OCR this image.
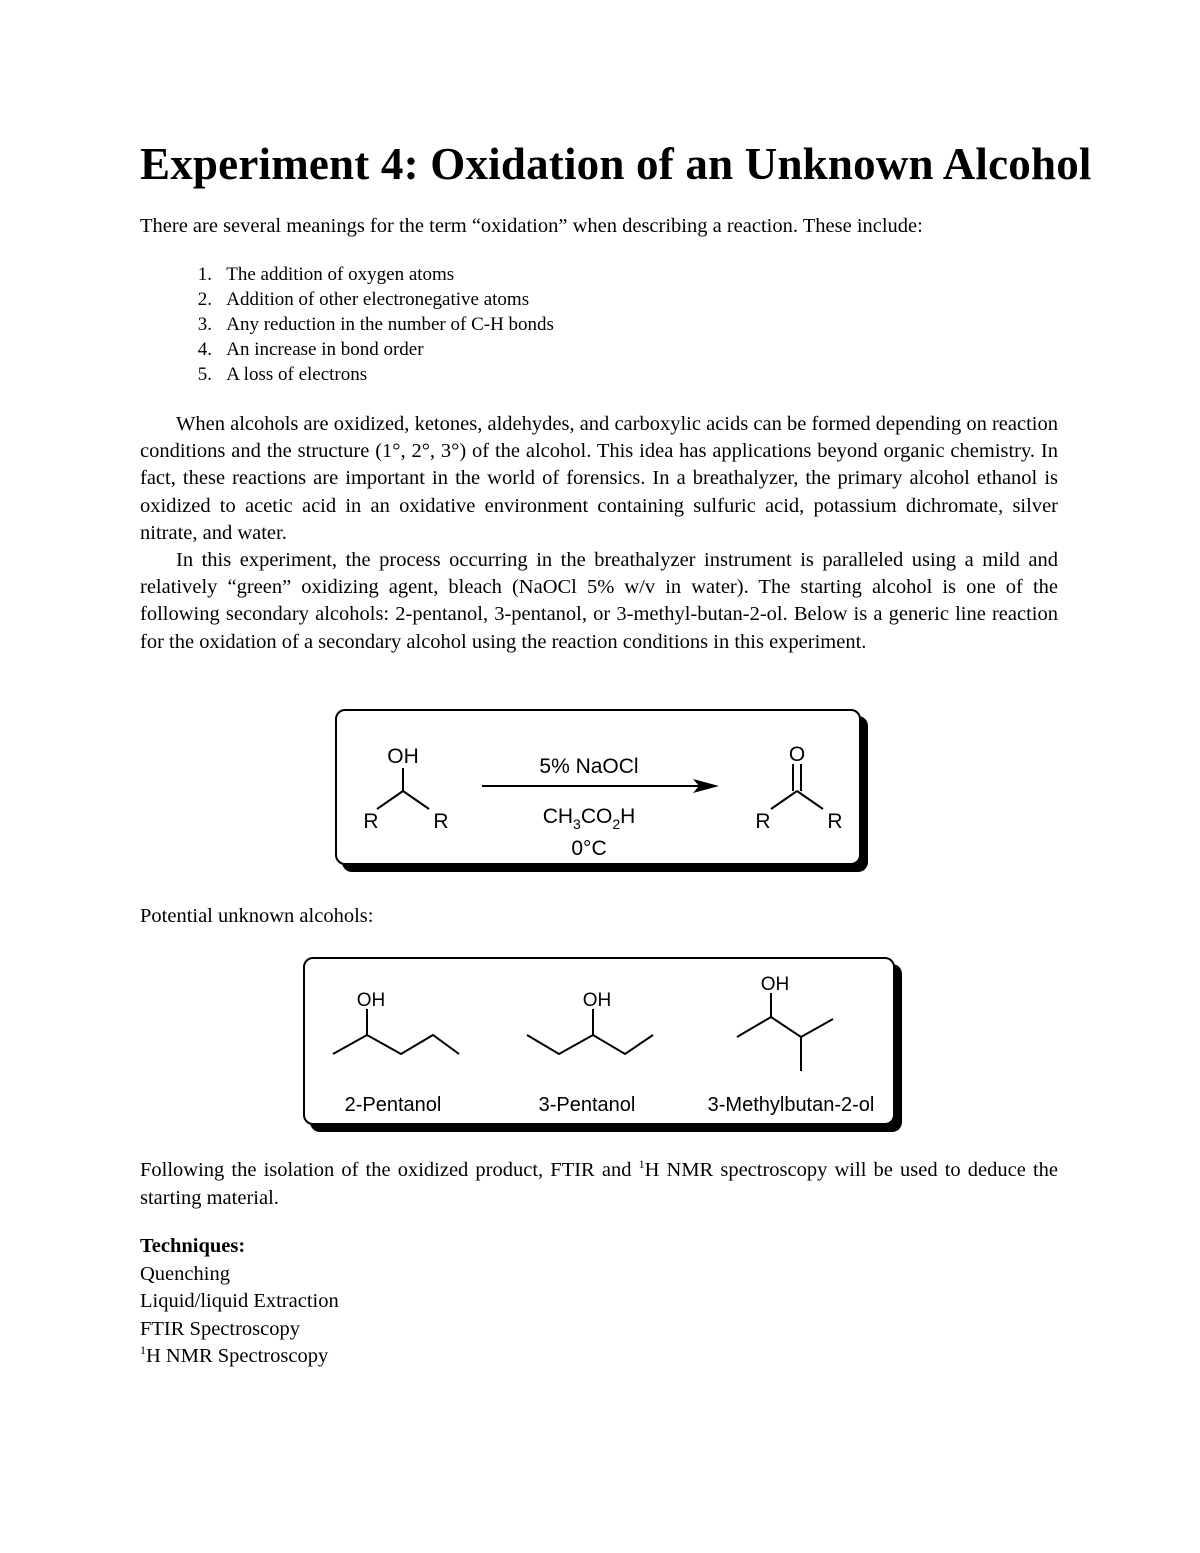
Experiment 4: Oxidation of an Unknown Alcohol

There are several meanings for the term “oxidation” when describing a reaction. These include:

1. The addition of oxygen atoms
2. Addition of other electronegative atoms
3. Any reduction in the number of C-H bonds
4. An increase in bond order
5. A loss of electrons

When alcohols are oxidized, ketones, aldehydes, and carboxylic acids can be formed depending on reaction conditions and the structure (1°, 2°, 3°) of the alcohol. This idea has applications beyond organic chemistry. In fact, these reactions are important in the world of forensics. In a breathalyzer, the primary alcohol ethanol is oxidized to acetic acid in an oxidative environment containing sulfuric acid, potassium dichromate, silver nitrate, and water.

In this experiment, the process occurring in the breathalyzer instrument is paralleled using a mild and relatively “green” oxidizing agent, bleach (NaOCl 5% w/v in water). The starting alcohol is one of the following secondary alcohols: 2-pentanol, 3-pentanol, or 3-methyl-butan-2-ol. Below is a generic line reaction for the oxidation of a secondary alcohol using the reaction conditions in this experiment.

OH
R	R
5% NaOCl
$CH_3CO_2H$
0°C
O
R	R

Potential unknown alcohols:

OH
2-Pentanol
OH
3-Pentanol
OH
3-Methylbutan-2-ol

Following the isolation of the oxidized product, FTIR and $^1$H NMR spectroscopy will be used to deduce the starting material.

Techniques:
Quenching
Liquid/liquid Extraction
FTIR Spectroscopy
$^1$H NMR Spectroscopy
